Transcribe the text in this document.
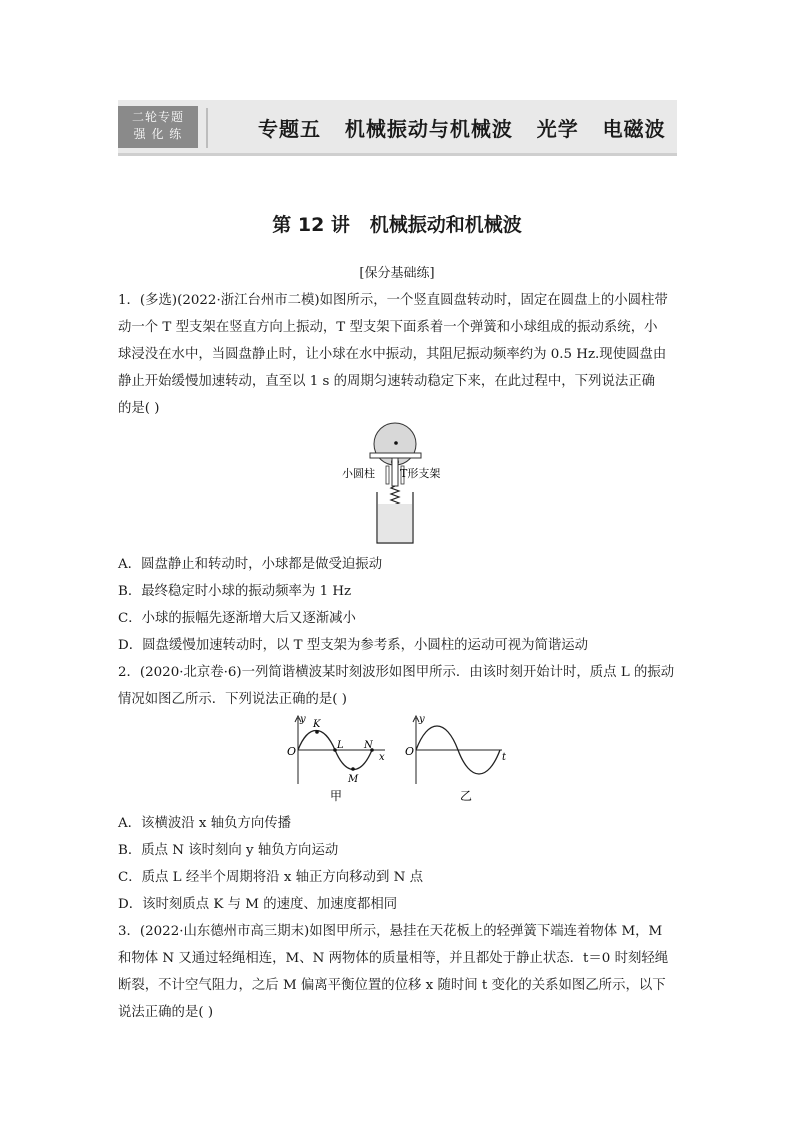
二轮专题
强 化 练	专题五   机械振动与机械波   光学   电磁波
第 12 讲   机械振动和机械波
[保分基础练]
1．(多选)(2022·浙江台州市二模)如图所示，一个竖直圆盘转动时，固定在圆盘上的小圆柱带
动一个 T 型支架在竖直方向上振动，T 型支架下面系着一个弹簧和小球组成的振动系统，小
球浸没在水中，当圆盘静止时，让小球在水中振动，其阻尼振动频率约为 0.5 Hz.现使圆盘由
静止开始缓慢加速转动，直至以 1 s 的周期匀速转动稳定下来，在此过程中，下列说法正确
的是( )
小圆柱 T形支架
A．圆盘静止和转动时，小球都是做受迫振动
B．最终稳定时小球的振动频率为 1 Hz
C．小球的振幅先逐渐增大后又逐渐减小
D．圆盘缓慢加速转动时，以 T 型支架为参考系，小圆柱的运动可视为简谐运动
2．(2020·北京卷·6)一列简谐横波某时刻波形如图甲所示．由该时刻开始计时，质点 L 的振动
情况如图乙所示．下列说法正确的是( )
y
O
K
L
M
N
x
甲
y
O	t
乙
A．该横波沿 x 轴负方向传播
B．质点 N 该时刻向 y 轴负方向运动
C．质点 L 经半个周期将沿 x 轴正方向移动到 N 点
D．该时刻质点 K 与 M 的速度、加速度都相同
3．(2022·山东德州市高三期末)如图甲所示，悬挂在天花板上的轻弹簧下端连着物体 M，M
和物体 N 又通过轻绳相连，M、N 两物体的质量相等，并且都处于静止状态．t＝0 时刻轻绳
断裂，不计空气阻力，之后 M 偏离平衡位置的位移 x 随时间 t 变化的关系如图乙所示，以下
说法正确的是( )
